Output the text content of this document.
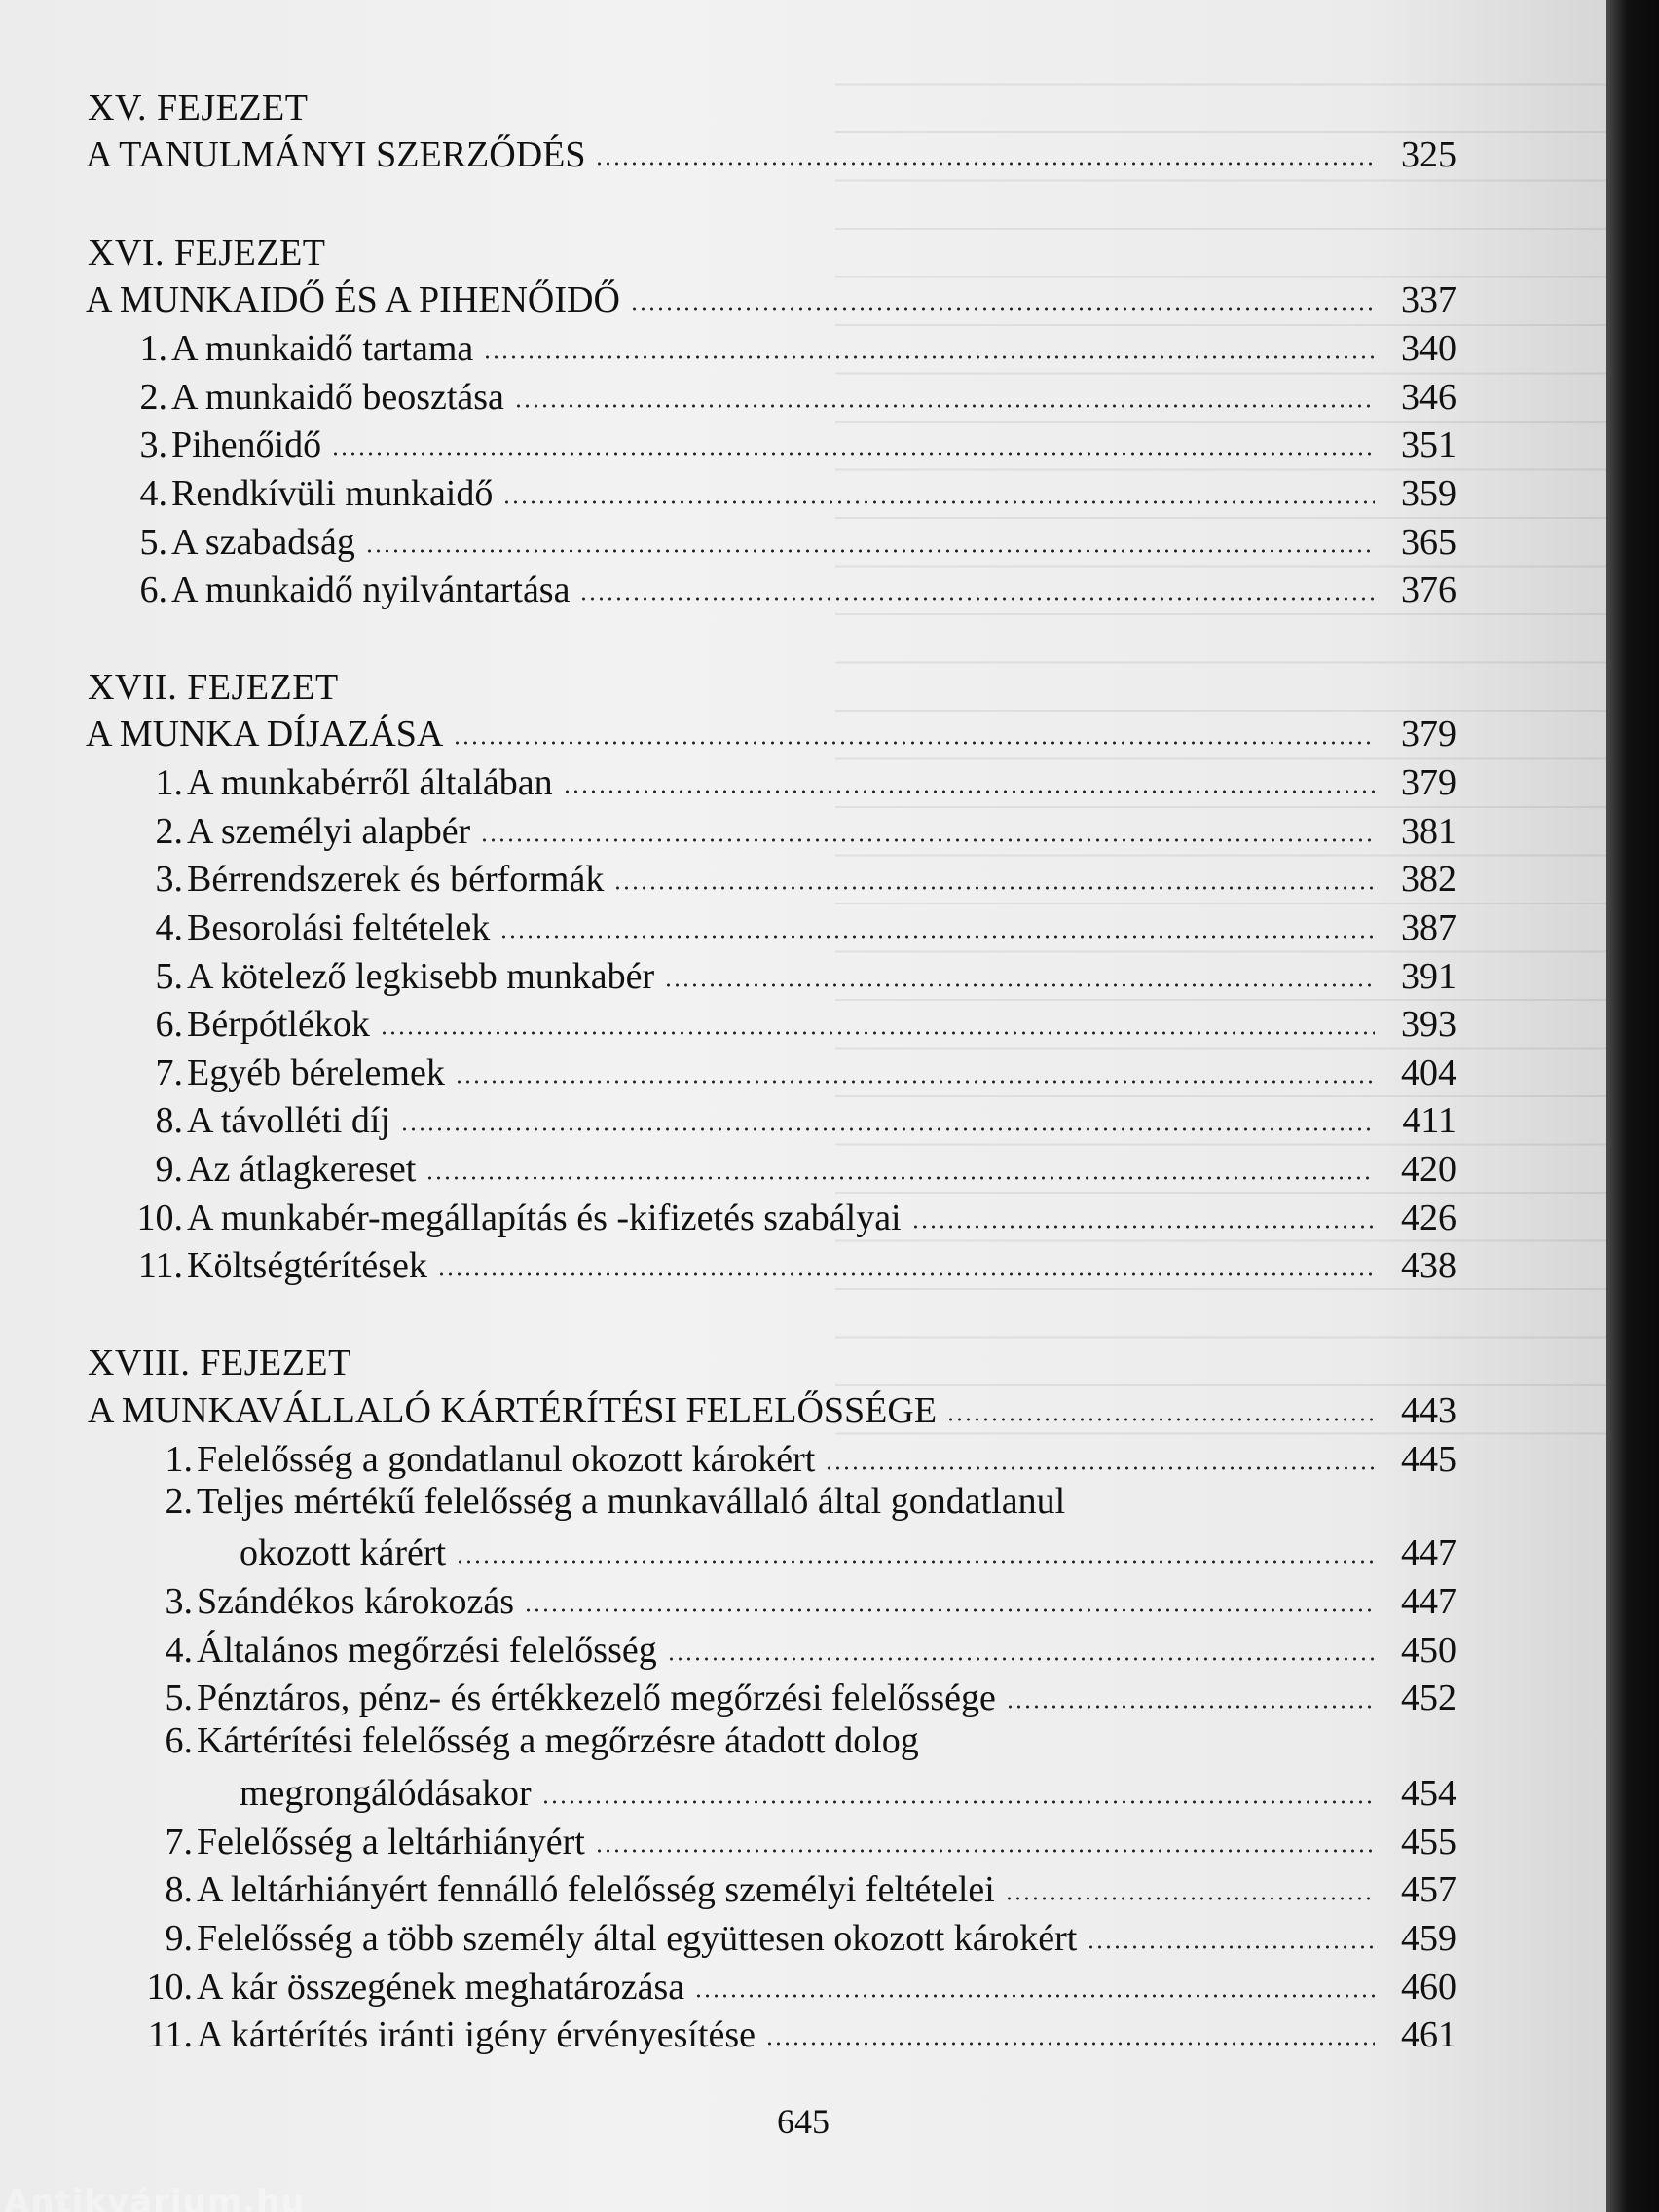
XV. FEJEZET
A TANULMÁNYI SZERZŐDÉS	325
XVI. FEJEZET
A MUNKAIDŐ ÉS A PIHENŐIDŐ	337
1. A munkaidő tartama	340
2. A munkaidő beosztása	346
3. Pihenőidő	351
4. Rendkívüli munkaidő	359
5. A szabadság	365
6. A munkaidő nyilvántartása	376
XVII. FEJEZET
A MUNKA DÍJAZÁSA	379
1. A munkabérről általában	379
2. A személyi alapbér	381
3. Bérrendszerek és bérformák	382
4. Besorolási feltételek	387
5. A kötelező legkisebb munkabér	391
6. Bérpótlékok	393
7. Egyéb bérelemek	404
8. A távolléti díj	411
9. Az átlagkereset	420
10. A munkabér-megállapítás és -kifizetés szabályai	426
11. Költségtérítések	438
XVIII. FEJEZET
A MUNKAVÁLLALÓ KÁRTÉRÍTÉSI FELELŐSSÉGE	443
1. Felelősség a gondatlanul okozott károkért	445
2. Teljes mértékű felelősség a munkavállaló által gondatlanul
okozott kárért	447
3. Szándékos károkozás	447
4. Általános megőrzési felelősség	450
5. Pénztáros, pénz- és értékkezelő megőrzési felelőssége	452
6. Kártérítési felelősség a megőrzésre átadott dolog
megrongálódásakor	454
7. Felelősség a leltárhiányért	455
8. A leltárhiányért fennálló felelősség személyi feltételei	457
9. Felelősség a több személy által együttesen okozott károkért	459
10. A kár összegének meghatározása	460
11. A kártérítés iránti igény érvényesítése	461
645
Antikvárium.hu
